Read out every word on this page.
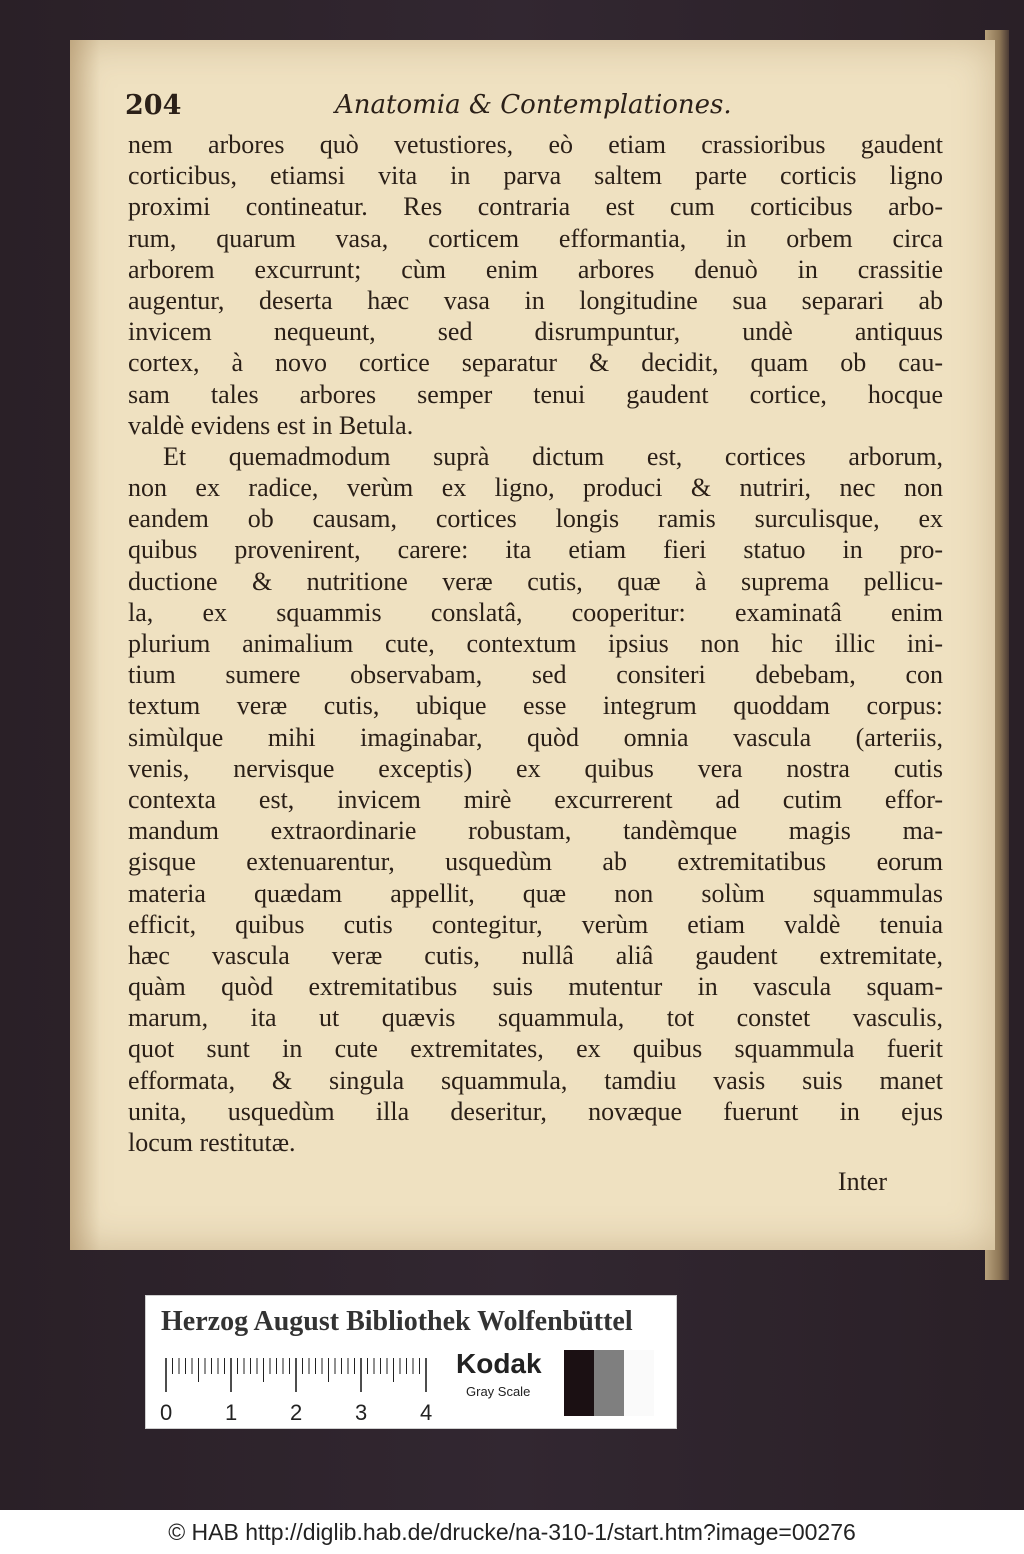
204	Anatomia & Contemplationes.
nem arbores quò vetustiores, eò etiam crassioribus gaudent
corticibus, etiamsi vita in parva saltem parte corticis ligno
proximi contineatur. Res contraria est cum corticibus arbo-
rum, quarum vasa, corticem efformantia, in orbem circa
arborem excurrunt; cùm enim arbores denuò in crassitie
augentur, deserta hæc vasa in longitudine sua separari ab
invicem nequeunt, sed disrumpuntur, undè antiquus
cortex, à novo cortice separatur & decidit, quam ob cau-
sam tales arbores semper tenui gaudent cortice, hocque
valdè evidens est in Betula.
Et quemadmodum suprà dictum est, cortices arborum,
non ex radice, verùm ex ligno, produci & nutriri, nec non
eandem ob causam, cortices longis ramis surculisque, ex
quibus provenirent, carere: ita etiam fieri statuo in pro-
ductione & nutritione veræ cutis, quæ à suprema pellicu-
la, ex squammis conslatâ, cooperitur: examinatâ enim
plurium animalium cute, contextum ipsius non hic illic ini-
tium sumere observabam, sed consiteri debebam, con
textum veræ cutis, ubique esse integrum quoddam corpus:
simùlque mihi imaginabar, quòd omnia vascula (arteriis,
venis, nervisque exceptis) ex quibus vera nostra cutis
contexta est, invicem mirè excurrerent ad cutim effor-
mandum extraordinarie robustam, tandèmque magis ma-
gisque extenuarentur, usquedùm ab extremitatibus eorum
materia quædam appellit, quæ non solùm squammulas
efficit, quibus cutis contegitur, verùm etiam valdè tenuia
hæc vascula veræ cutis, nullâ aliâ gaudent extremitate,
quàm quòd extremitatibus suis mutentur in vascula squam-
marum, ita ut quævis squammula, tot constet vasculis,
quot sunt in cute extremitates, ex quibus squammula fuerit
efformata, & singula squammula, tamdiu vasis suis manet
unita, usquedùm illa deseritur, novæque fuerunt in ejus
locum restitutæ.
Inter
Herzog August Bibliothek Wolfenbüttel
0 1 2 3 4
Kodak
Gray Scale
© HAB http://diglib.hab.de/drucke/na-310-1/start.htm?image=00276
